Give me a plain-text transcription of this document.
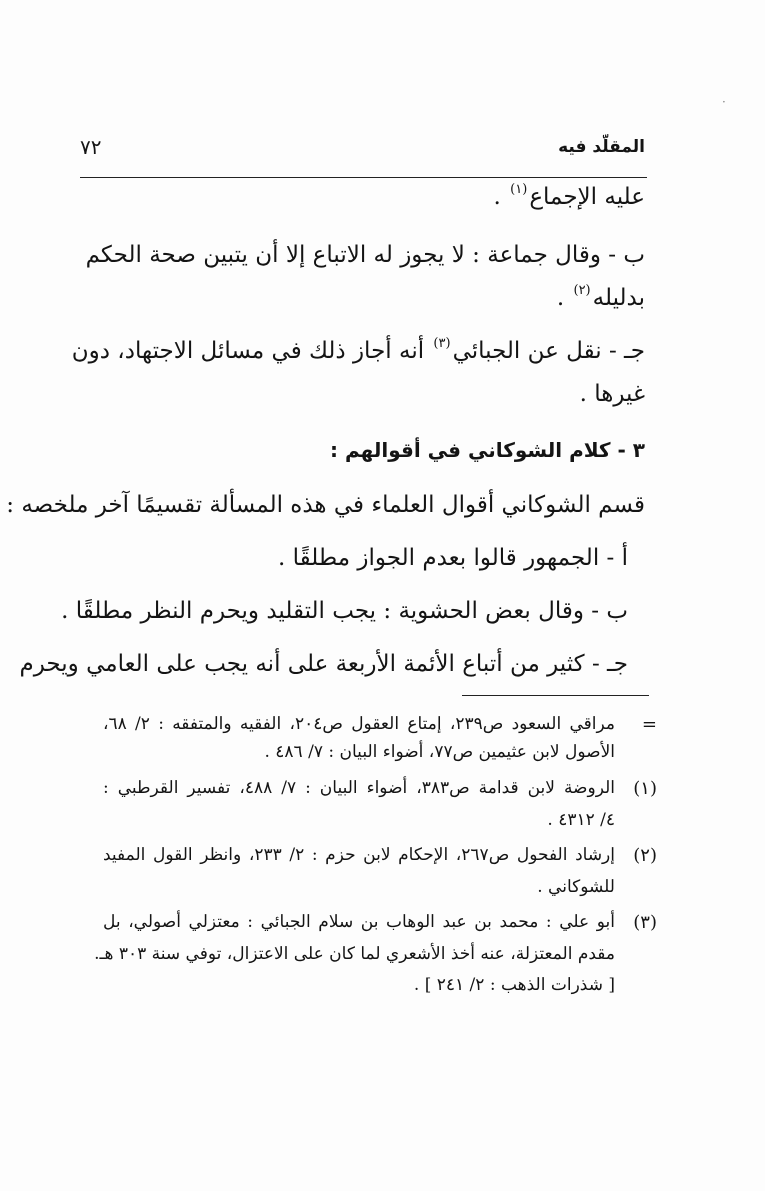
·
المقلّد فيه
٧٢
عليه الإجماع$^{(١)}$ .
ب - وقال جماعة : لا يجوز له الاتباع إلا أن يتبين صحة الحكم
بدليله$^{(٢)}$ .
جـ - نقل عن الجبائي$^{(٣)}$ أنه أجاز ذلك في مسائل الاجتهاد، دون
غيرها .
٣ - كلام الشوكاني في أقوالهم :
قسم الشوكاني أقوال العلماء في هذه المسألة تقسيمًا آخر ملخصه :
أ - الجمهور قالوا بعدم الجواز مطلقًا .
ب - وقال بعض الحشوية : يجب التقليد ويحرم النظر مطلقًا .
جـ - كثير من أتباع الأئمة الأربعة على أنه يجب على العامي ويحرم
=
مراقي السعود ص٢٣٩، إمتاع العقول ص٢٠٤، الفقيه والمتفقه : ٢/ ٦٨،
الأصول لابن عثيمين ص٧٧، أضواء البيان : ٧/ ٤٨٦ .
(١)
الروضة لابن قدامة ص٣٨٣، أضواء البيان : ٧/ ٤٨٨، تفسير القرطبي :
٤/ ٤٣١٢ .
(٢)
إرشاد الفحول ص٢٦٧، الإحكام لابن حزم : ٢/ ٢٣٣، وانظر القول المفيد
للشوكاني .
(٣)
أبو علي : محمد بن عبد الوهاب بن سلام الجبائي : معتزلي أصولي، بل
مقدم المعتزلة، عنه أخذ الأشعري لما كان على الاعتزال، توفي سنة ٣٠٣ هـ.
[ شذرات الذهب : ٢/ ٢٤١ ] .
